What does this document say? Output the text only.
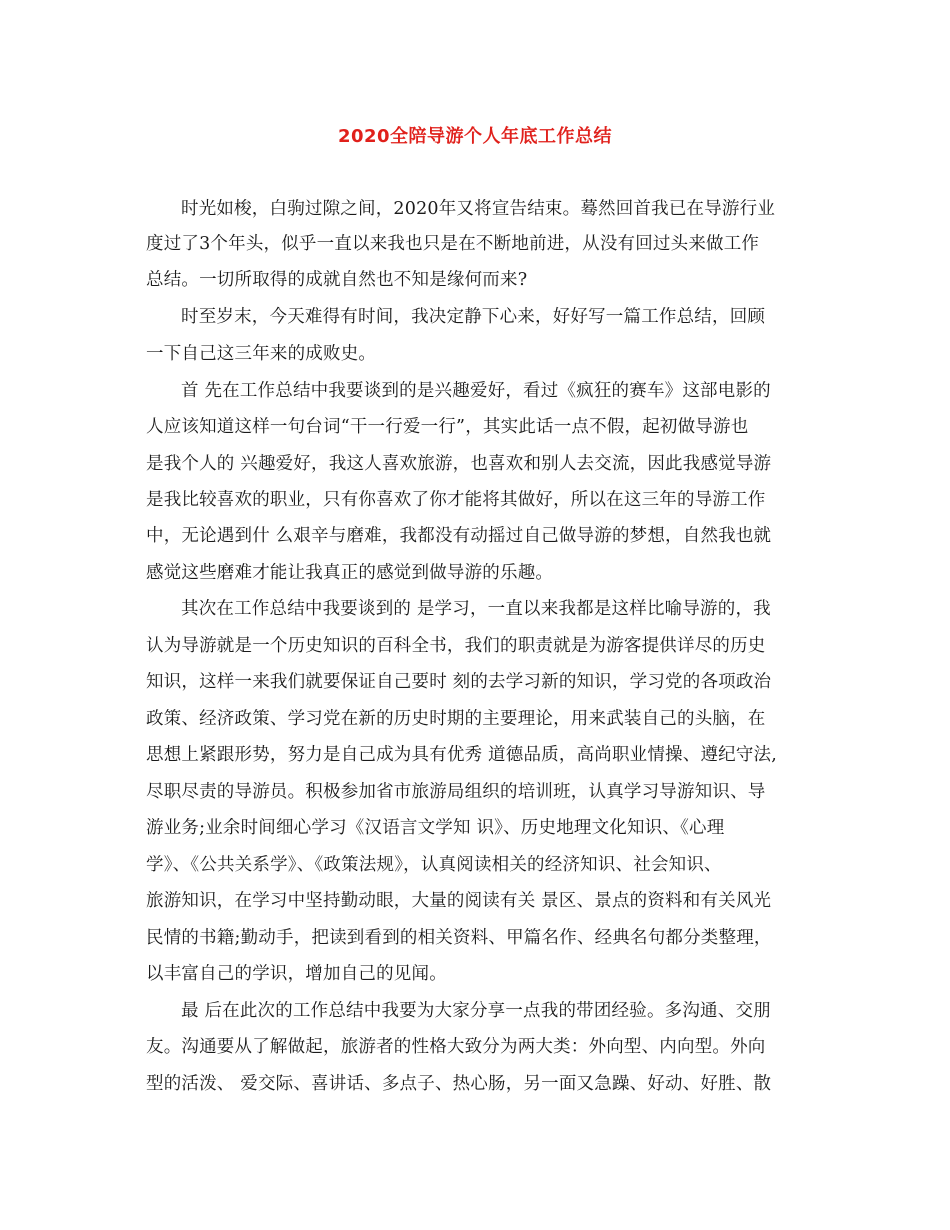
2020全陪导游个人年底工作总结
时光如梭，白驹过隙之间，2020年又将宣告结束。蓦然回首我已在导游行业
度过了3个年头，似乎一直以来我也只是在不断地前进，从没有回过头来做工作
总结。一切所取得的成就自然也不知是缘何而来?
时至岁末，今天难得有时间，我决定静下心来，好好写一篇工作总结，回顾
一下自己这三年来的成败史。
首 先在工作总结中我要谈到的是兴趣爱好，看过《疯狂的赛车》这部电影的
人应该知道这样一句台词“干一行爱一行”，其实此话一点不假，起初做导游也
是我个人的 兴趣爱好，我这人喜欢旅游，也喜欢和别人去交流，因此我感觉导游
是我比较喜欢的职业，只有你喜欢了你才能将其做好，所以在这三年的导游工作
中，无论遇到什 么艰辛与磨难，我都没有动摇过自己做导游的梦想，自然我也就
感觉这些磨难才能让我真正的感觉到做导游的乐趣。
其次在工作总结中我要谈到的 是学习，一直以来我都是这样比喻导游的，我
认为导游就是一个历史知识的百科全书，我们的职责就是为游客提供详尽的历史
知识，这样一来我们就要保证自己要时 刻的去学习新的知识，学习党的各项政治
政策、经济政策、学习党在新的历史时期的主要理论，用来武装自己的头脑，在
思想上紧跟形势，努力是自己成为具有优秀 道德品质，高尚职业情操、遵纪守法,
尽职尽责的导游员。积极参加省市旅游局组织的培训班，认真学习导游知识、导
游业务;业余时间细心学习《汉语言文学知 识》、历史地理文化知识、《心理
学》、《公共关系学》、《政策法规》，认真阅读相关的经济知识、社会知识、
旅游知识，在学习中坚持勤动眼，大量的阅读有关 景区、景点的资料和有关风光
民情的书籍;勤动手，把读到看到的相关资料、甲篇名作、经典名句都分类整理，
以丰富自己的学识，增加自己的见闻。
最 后在此次的工作总结中我要为大家分享一点我的带团经验。多沟通、交朋
友。沟通要从了解做起，旅游者的性格大致分为两大类：外向型、内向型。外向
型的活泼、 爱交际、喜讲话、多点子、热心肠，另一面又急躁、好动、好胜、散
